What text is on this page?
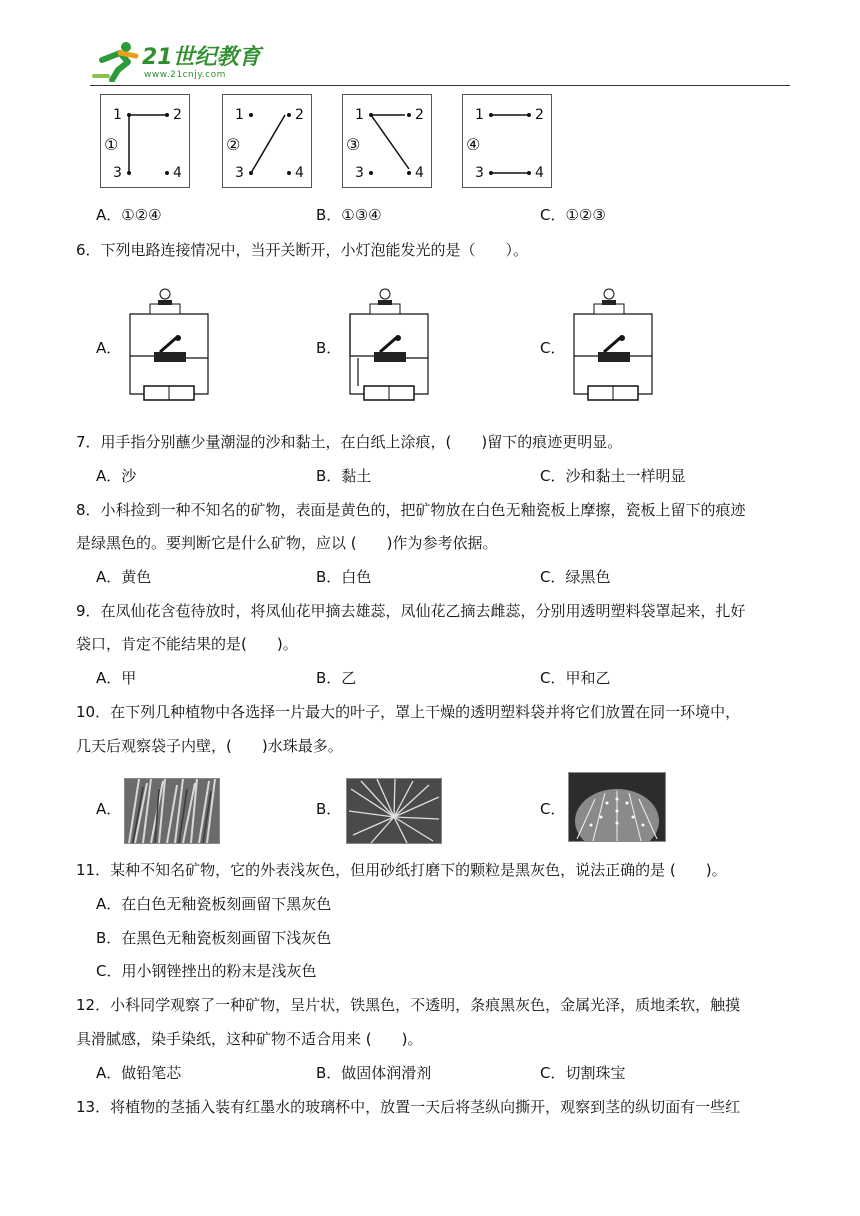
21世纪教育
www.21cnjy.com
1	2
①
3	4
1	2
②
3	4
1	2
③
3	4
1	2
④
3	4
A．①②④	B．①③④	C．①②③
6．下列电路连接情况中，当开关断开，小灯泡能发光的是（　　）。
A．	B．	C．
7．用手指分别蘸少量潮湿的沙和黏土，在白纸上涂痕，(　　)留下的痕迹更明显。
A．沙	B．黏土	C．沙和黏土一样明显
8．小科捡到一种不知名的矿物，表面是黄色的，把矿物放在白色无釉瓷板上摩擦，瓷板上留下的痕迹
是绿黑色的。要判断它是什么矿物，应以 (　　)作为参考依据。
A．黄色	B．白色	C．绿黑色
9．在凤仙花含苞待放时，将凤仙花甲摘去雄蕊，凤仙花乙摘去雌蕊，分别用透明塑料袋罩起来，扎好
袋口，肯定不能结果的是(　　)。
A．甲	B．乙	C．甲和乙
10．在下列几种植物中各选择一片最大的叶子，罩上干燥的透明塑料袋并将它们放置在同一环境中，
几天后观察袋子内壁，(　　)水珠最多。
A．	B．	C．
11．某种不知名矿物，它的外表浅灰色，但用砂纸打磨下的颗粒是黑灰色，说法正确的是 (　　)。
A．在白色无釉瓷板刻画留下黑灰色
B．在黑色无釉瓷板刻画留下浅灰色
C．用小钢锉挫出的粉末是浅灰色
12．小科同学观察了一种矿物，呈片状，铁黑色，不透明，条痕黑灰色，金属光泽，质地柔软，触摸
具滑腻感，染手染纸，这种矿物不适合用来 (　　)。
A．做铅笔芯	B．做固体润滑剂	C．切割珠宝
13．将植物的茎插入装有红墨水的玻璃杯中，放置一天后将茎纵向撕开，观察到茎的纵切面有一些红
